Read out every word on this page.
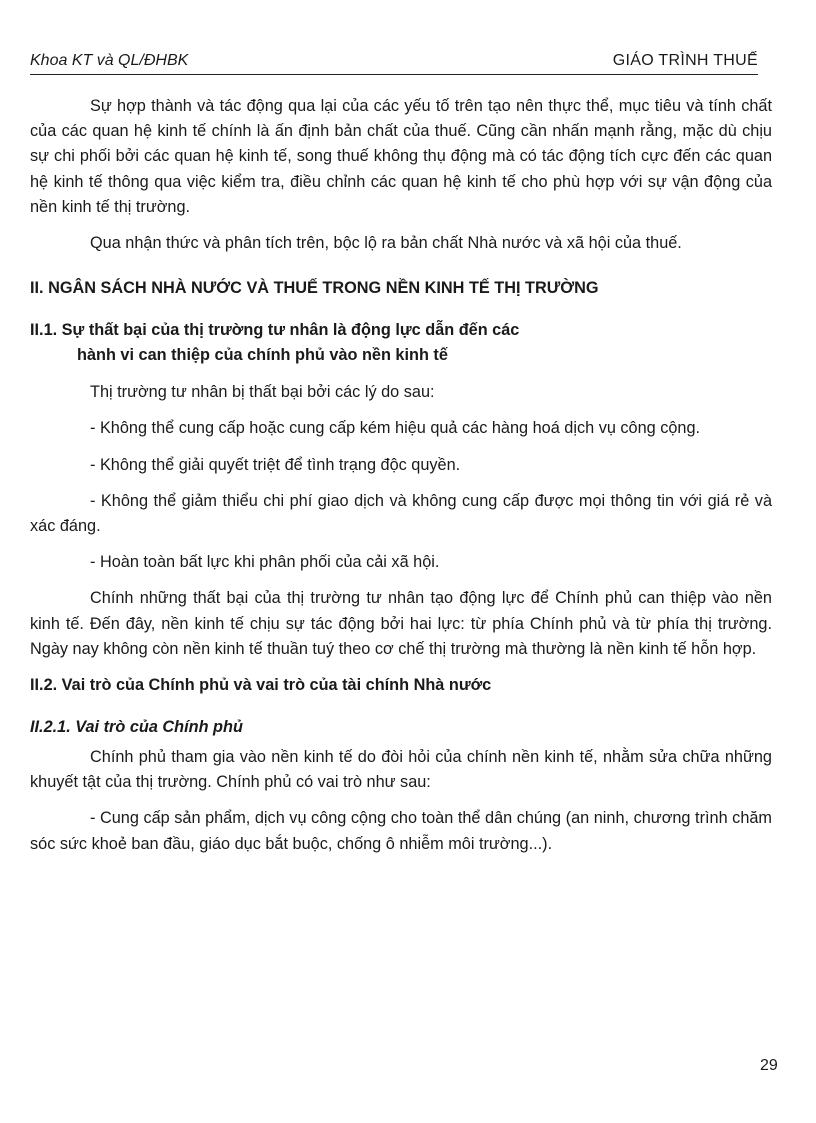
Khoa KT và QL/ĐHBK	GIÁO TRÌNH THUẾ

Sự hợp thành và tác động qua lại của các yếu tố trên tạo nên thực thể, mục tiêu và tính chất của các quan hệ kinh tế chính là ấn định bản chất của thuế. Cũng cần nhấn mạnh rằng, mặc dù chịu sự chi phối bởi các quan hệ kinh tế, song thuế không thụ động mà có tác động tích cực đến các quan hệ kinh tế thông qua việc kiểm tra, điều chỉnh các quan hệ kinh tế cho phù hợp với sự vận động của nền kinh tế thị trường.

Qua nhận thức và phân tích trên, bộc lộ ra bản chất Nhà nước và xã hội của thuế.

II. NGÂN SÁCH NHÀ NƯỚC VÀ THUẾ TRONG NỀN KINH TẾ THỊ TRƯỜNG
II.1. Sự thất bại của thị trường tư nhân là động lực dẫn đến các
hành vi can thiệp của chính phủ vào nền kinh tế

Thị trường tư nhân bị thất bại bởi các lý do sau:

- Không thể cung cấp hoặc cung cấp kém hiệu quả các hàng hoá dịch vụ công cộng.

- Không thể giải quyết triệt để tình trạng độc quyền.

- Không thể giảm thiểu chi phí giao dịch và không cung cấp được mọi thông tin với giá rẻ và xác đáng.

- Hoàn toàn bất lực khi phân phối của cải xã hội.

Chính những thất bại của thị trường tư nhân tạo động lực để Chính phủ can thiệp vào nền kinh tế. Đến đây, nền kinh tế chịu sự tác động bởi hai lực: từ phía Chính phủ và từ phía thị trường. Ngày nay không còn nền kinh tế thuần tuý theo cơ chế thị trường mà thường là nền kinh tế hỗn hợp.

II.2. Vai trò của Chính phủ và vai trò của tài chính Nhà nước
II.2.1. Vai trò của Chính phủ

Chính phủ tham gia vào nền kinh tế do đòi hỏi của chính nền kinh tế, nhằm sửa chữa những khuyết tật của thị trường. Chính phủ có vai trò như sau:

- Cung cấp sản phẩm, dịch vụ công cộng cho toàn thể dân chúng (an ninh, chương trình chăm sóc sức khoẻ ban đầu, giáo dục bắt buộc, chống ô nhiễm môi trường...).

29
